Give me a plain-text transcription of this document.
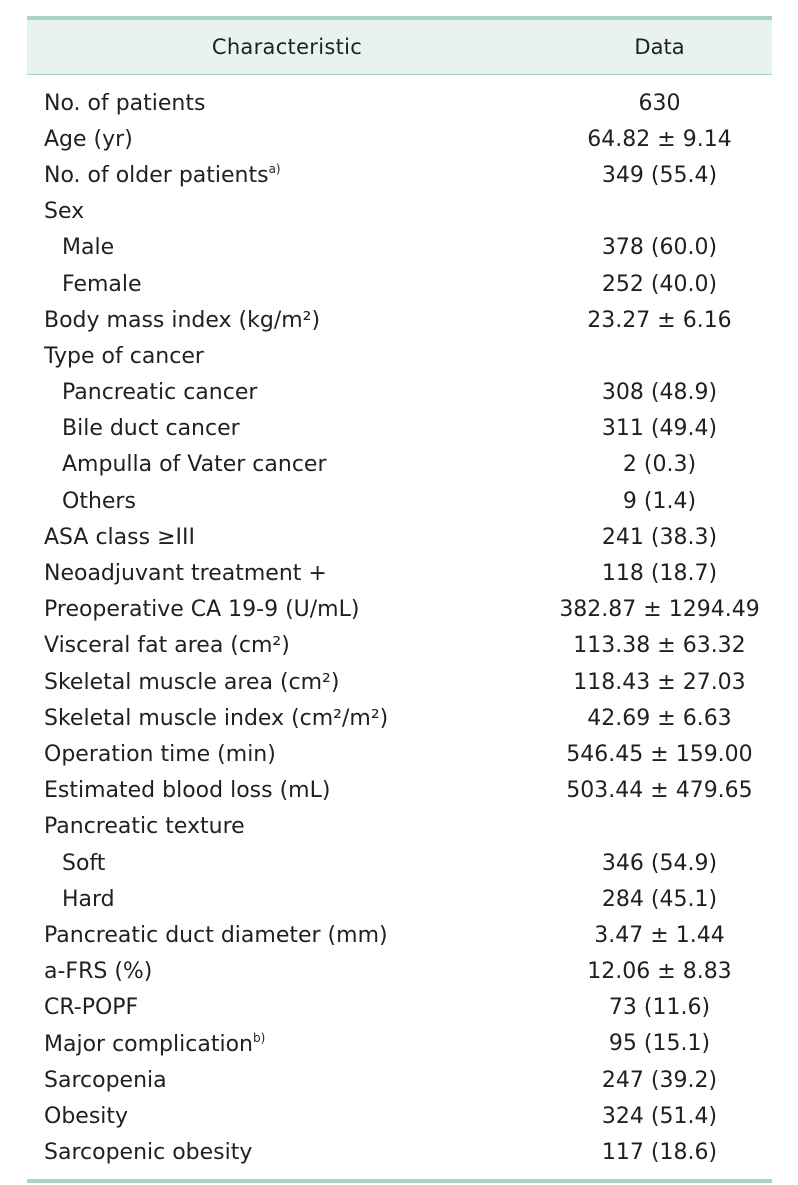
Characteristic	Data
No. of patients	630
Age (yr)	64.82 ± 9.14
No. of older patients$^{a)}$	349 (55.4)
Sex
Male	378 (60.0)
Female	252 (40.0)
Body mass index (kg/m²)	23.27 ± 6.16
Type of cancer
Pancreatic cancer	308 (48.9)
Bile duct cancer	311 (49.4)
Ampulla of Vater cancer	2 (0.3)
Others	9 (1.4)
ASA class ≥III	241 (38.3)
Neoadjuvant treatment +	118 (18.7)
Preoperative CA 19-9 (U/mL)	382.87 ± 1294.49
Visceral fat area (cm²)	113.38 ± 63.32
Skeletal muscle area (cm²)	118.43 ± 27.03
Skeletal muscle index (cm²/m²)	42.69 ± 6.63
Operation time (min)	546.45 ± 159.00
Estimated blood loss (mL)	503.44 ± 479.65
Pancreatic texture
Soft	346 (54.9)
Hard	284 (45.1)
Pancreatic duct diameter (mm)	3.47 ± 1.44
a-FRS (%)	12.06 ± 8.83
CR-POPF	73 (11.6)
Major complication$^{b)}$	95 (15.1)
Sarcopenia	247 (39.2)
Obesity	324 (51.4)
Sarcopenic obesity	117 (18.6)
